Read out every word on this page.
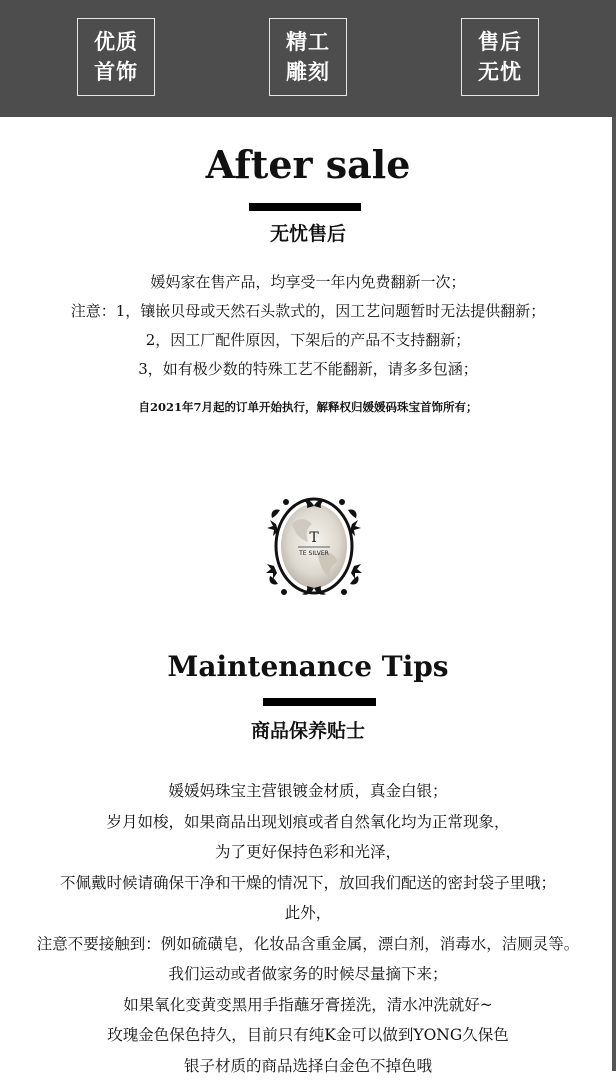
优质
首饰
精工
雕刻
售后
无忧
After sale
无忧售后
媛妈家在售产品，均享受一年内免费翻新一次；
注意：1，镶嵌贝母或天然石头款式的，因工艺问题暂时无法提供翻新；
2，因工厂配件原因，下架后的产品不支持翻新；
3，如有极少数的特殊工艺不能翻新，请多多包涵；
自2021年7月起的订单开始执行，解释权归媛媛码珠宝首饰所有；
T
TE SILVER
Maintenance Tips
商品保养贴士
媛媛妈珠宝主营银镀金材质，真金白银；
岁月如梭，如果商品出现划痕或者自然氧化均为正常现象，
为了更好保持色彩和光泽，
不佩戴时候请确保干净和干燥的情况下，放回我们配送的密封袋子里哦；
此外，
注意不要接触到：例如硫磺皂，化妆品含重金属，漂白剂，消毒水，洁厕灵等。
我们运动或者做家务的时候尽量摘下来；
如果氧化变黄变黑用手指蘸牙膏搓洗，清水冲洗就好~
玫瑰金色保色持久，目前只有纯K金可以做到YONG久保色
银子材质的商品选择白金色不掉色哦
